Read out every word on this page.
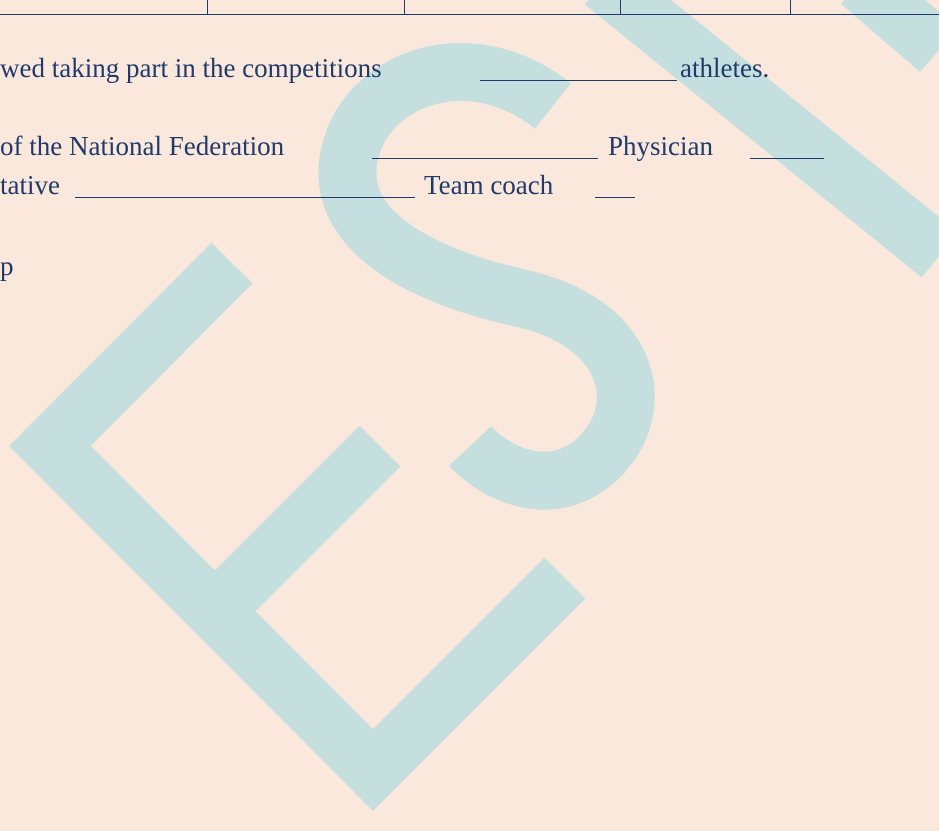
wed taking part in the competitions	athletes.
of the National Federation	Physician
tative	Team coach
p
